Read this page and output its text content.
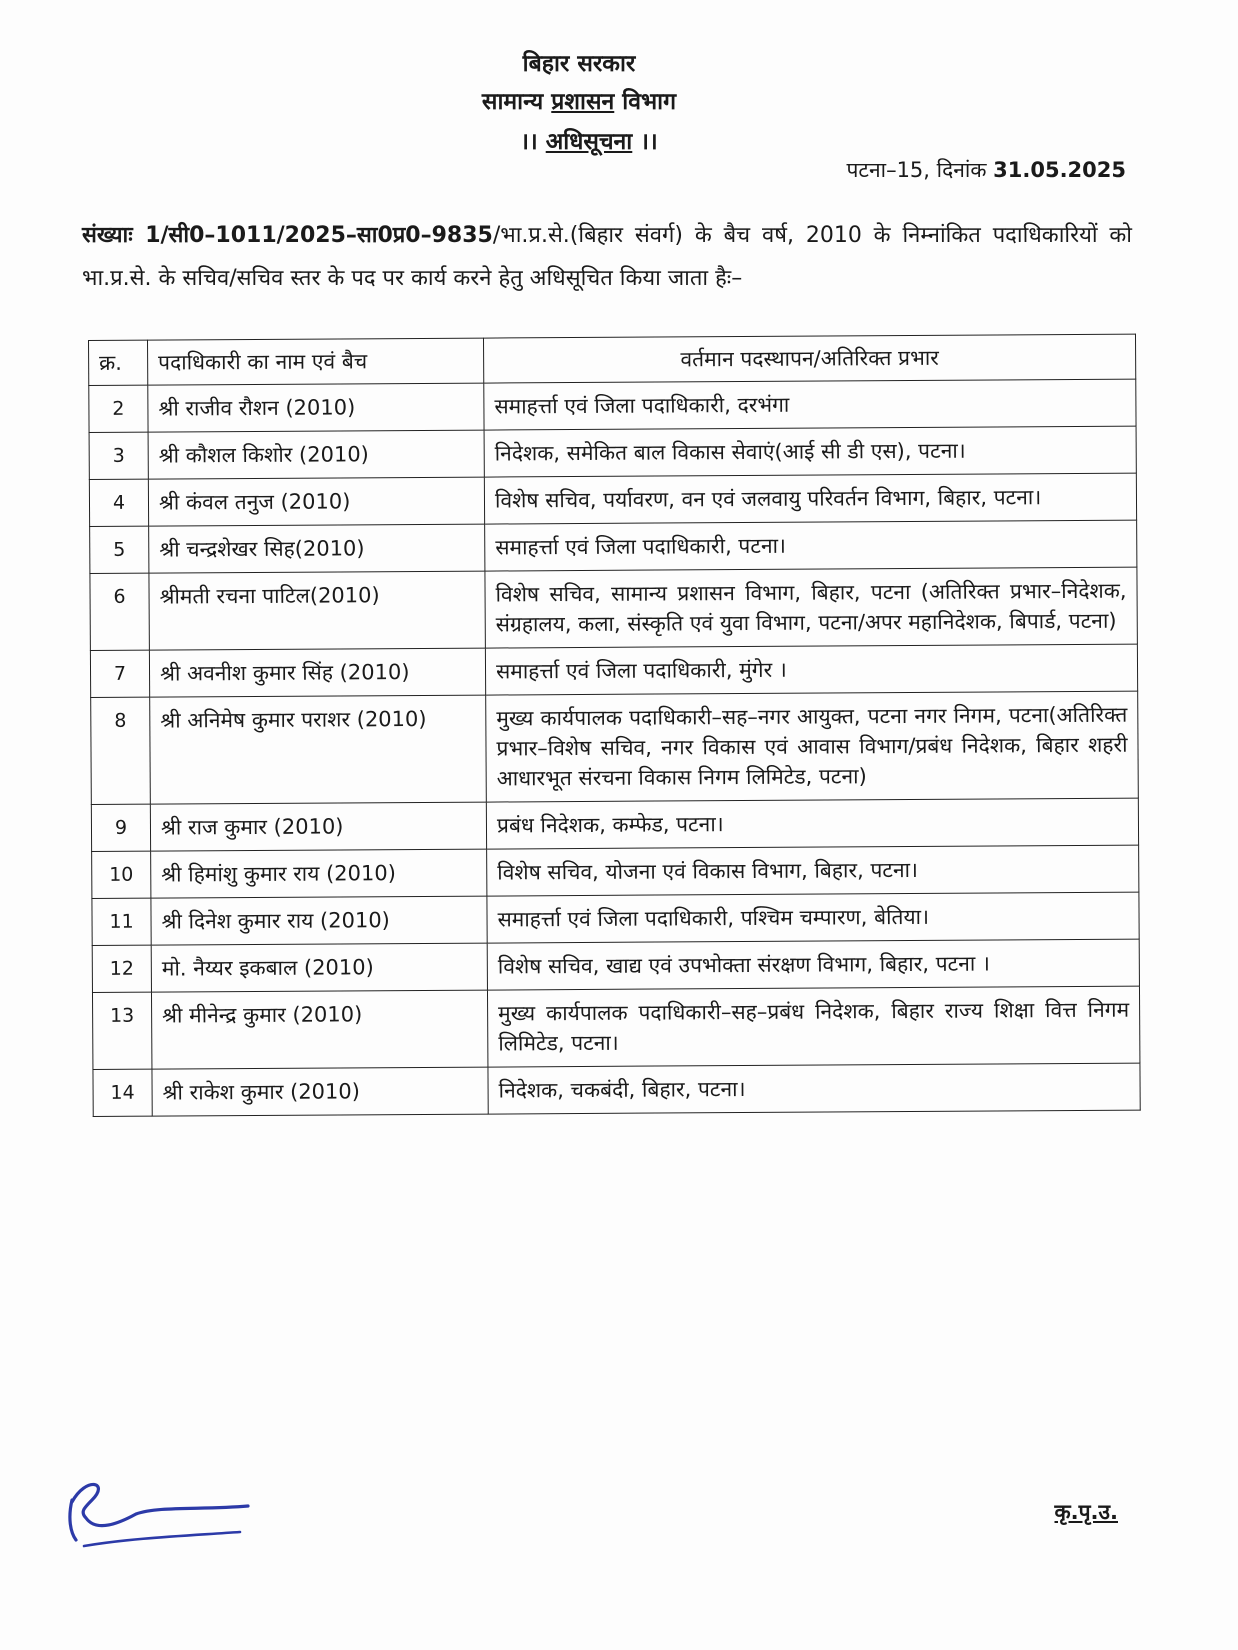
बिहार सरकार
सामान्य प्रशासन विभाग
।। अधिसूचना ।।
पटना–15, दिनांक 31.05.2025
संख्याः 1/सी0–1011/2025–सा0प्र0–9835/भा.प्र.से.(बिहार संवर्ग) के बैच वर्ष, 2010 के निम्नांकित पदाधिकारियों को भा.प्र.से. के सचिव/सचिव स्तर के पद पर कार्य करने हेतु अधिसूचित किया जाता हैः–
क्र.	पदाधिकारी का नाम एवं बैच	वर्तमान पदस्थापन/अतिरिक्त प्रभार
2	श्री राजीव रौशन (2010)	समाहर्त्ता एवं जिला पदाधिकारी, दरभंगा
3	श्री कौशल किशोर (2010)	निदेशक, समेकित बाल विकास सेवाएं(आई सी डी एस), पटना।
4	श्री कंवल तनुज (2010)	विशेष सचिव, पर्यावरण, वन एवं जलवायु परिवर्तन विभाग, बिहार, पटना।
5	श्री चन्द्रशेखर सिह(2010)	समाहर्त्ता एवं जिला पदाधिकारी, पटना।
6	श्रीमती रचना पाटिल(2010)	विशेष सचिव, सामान्य प्रशासन विभाग, बिहार, पटना (अतिरिक्त प्रभार–निदेशक, संग्रहालय, कला, संस्कृति एवं युवा विभाग, पटना/अपर महानिदेशक, बिपार्ड, पटना)
7	श्री अवनीश कुमार सिंह (2010)	समाहर्त्ता एवं जिला पदाधिकारी, मुंगेर ।
8	श्री अनिमेष कुमार पराशर (2010)	मुख्य कार्यपालक पदाधिकारी–सह–नगर आयुक्त, पटना नगर निगम, पटना(अतिरिक्त प्रभार–विशेष सचिव, नगर विकास एवं आवास विभाग/प्रबंध निदेशक, बिहार शहरी आधारभूत संरचना विकास निगम लिमिटेड, पटना)
9	श्री राज कुमार (2010)	प्रबंध निदेशक, कम्फेड, पटना।
10	श्री हिमांशु कुमार राय (2010)	विशेष सचिव, योजना एवं विकास विभाग, बिहार, पटना।
11	श्री दिनेश कुमार राय (2010)	समाहर्त्ता एवं जिला पदाधिकारी, पश्चिम चम्पारण, बेतिया।
12	मो. नैय्यर इकबाल (2010)	विशेष सचिव, खाद्य एवं उपभोक्ता संरक्षण विभाग, बिहार, पटना ।
13	श्री मीनेन्द्र कुमार (2010)	मुख्य कार्यपालक पदाधिकारी–सह–प्रबंध निदेशक, बिहार राज्य शिक्षा वित्त निगम लिमिटेड, पटना।
14	श्री राकेश कुमार (2010)	निदेशक, चकबंदी, बिहार, पटना।
कृ.पृ.उ.
